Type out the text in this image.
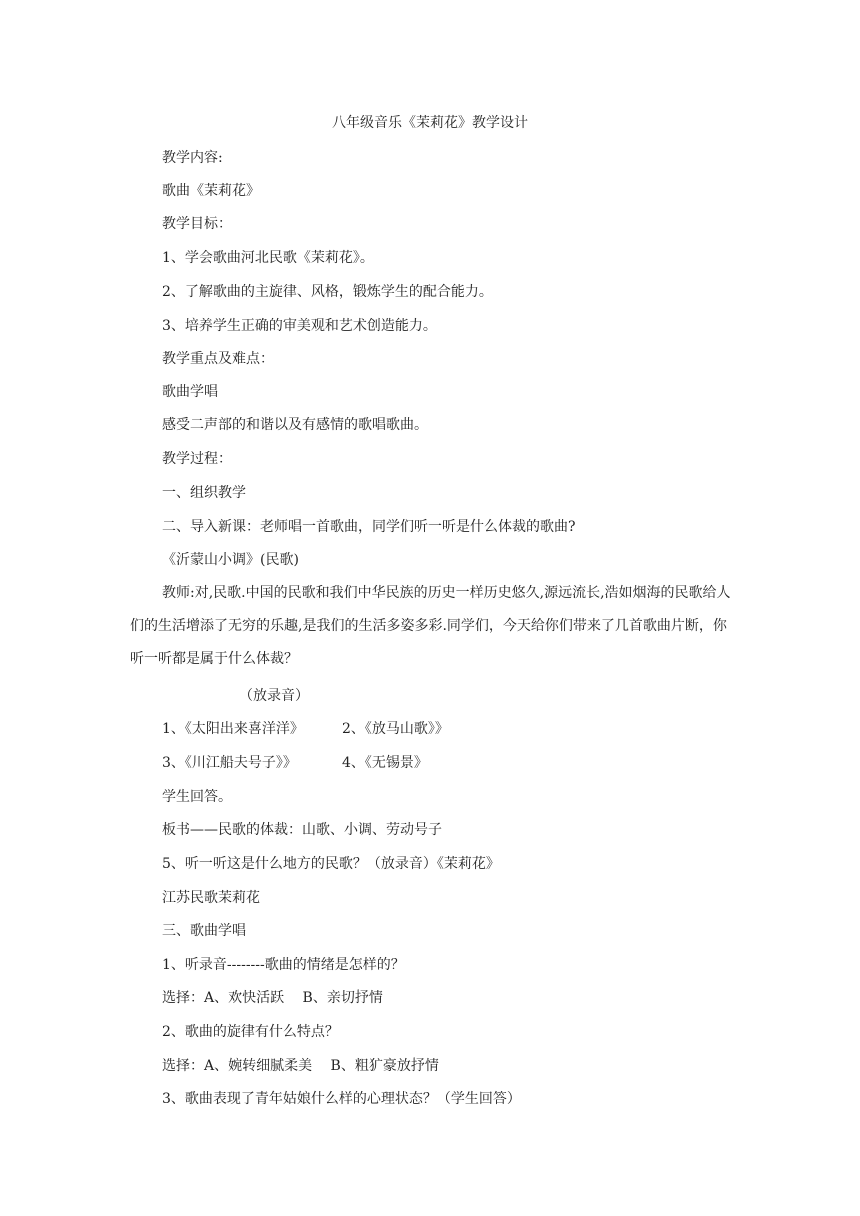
八年级音乐《茉莉花》教学设计
教学内容:
歌曲《茉莉花》
教学目标：
1、学会歌曲河北民歌《茉莉花》。
2、了解歌曲的主旋律、风格，锻炼学生的配合能力。
3、培养学生正确的审美观和艺术创造能力。
教学重点及难点：
歌曲学唱
感受二声部的和谐以及有感情的歌唱歌曲。
教学过程：
一、组织教学
二、导入新课：老师唱一首歌曲，同学们听一听是什么体裁的歌曲?
《沂蒙山小调》(民歌)
教师:对,民歌.中国的民歌和我们中华民族的历史一样历史悠久,源远流长,浩如烟海的民歌给人们的生活增添了无穷的乐趣,是我们的生活多姿多彩.同学们，今天给你们带来了几首歌曲片断，你听一听都是属于什么体裁？
（放录音）
1、《太阳出来喜洋洋》	2、《放马山歌》》
3、《川江船夫号子》》	4、《无锡景》
学生回答。
板书——民歌的体裁：山歌、小调、劳动号子
5、听一听这是什么地方的民歌？（放录音）《茉莉花》
江苏民歌茉莉花
三、歌曲学唱
1、听录音--------歌曲的情绪是怎样的？
选择：A、欢快活跃　 B、亲切抒情
2、歌曲的旋律有什么特点？
选择：A、婉转细腻柔美　 B、粗犷豪放抒情
3、歌曲表现了青年姑娘什么样的心理状态？（学生回答）
